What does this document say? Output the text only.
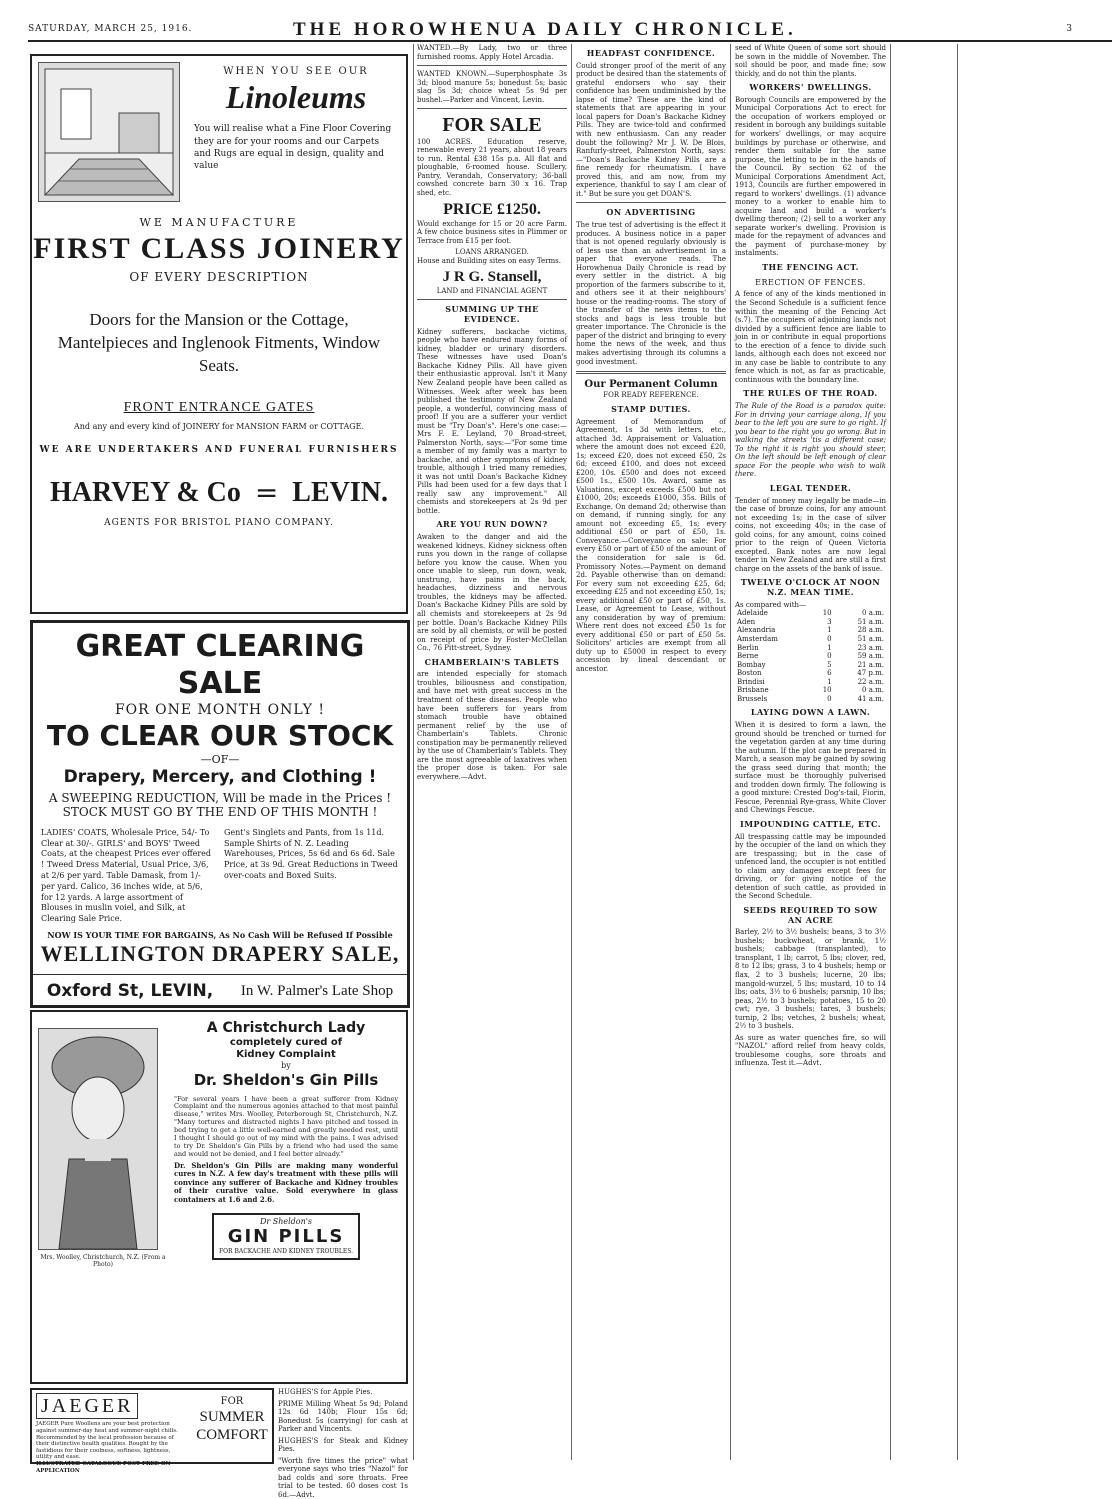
SATURDAY, MARCH 25, 1916.	THE HOROWHENUA DAILY CHRONICLE.	3
WHEN YOU SEE OUR
Linoleums
You will realise what a Fine Floor Covering they are for your rooms and our Carpets and Rugs are equal in design, quality and value
WE MANUFACTURE
FIRST CLASS JOINERY
OF EVERY DESCRIPTION
Doors for the Mansion or the Cottage, Mantelpieces and Inglenook Fitments, Window Seats.
FRONT ENTRANCE GATES
And any and every kind of JOINERY for MANSION FARM or COTTAGE.
WE ARE UNDERTAKERS AND FUNERAL FURNISHERS
HARVEY & Co = LEVIN.
AGENTS FOR BRISTOL PIANO COMPANY.
GREAT CLEARING SALE
FOR ONE MONTH ONLY !
TO CLEAR OUR STOCK
—OF—
Drapery, Mercery, and Clothing !
A SWEEPING REDUCTION, Will be made in the Prices !
STOCK MUST GO BY THE END OF THIS MONTH !
LADIES' COATS, Wholesale Price, 54/- To Clear at 30/-. GIRLS' and BOYS' Tweed Coats, at the cheapest Prices ever offered ! Tweed Dress Material, Usual Price, 3/6, at 2/6 per yard. Table Damask, from 1/- per yard. Calico, 36 inches wide, at 5/6, for 12 yards. A large assortment of Blouses in muslin voiel, and Silk, at Clearing Sale Price.
Gent's Singlets and Pants, from 1s 11d. Sample Shirts of N. Z. Leading Warehouses, Prices, 5s 6d and 6s 6d. Sale Price, at 3s 9d. Great Reductions in Tweed over-coats and Boxed Suits.
NOW IS YOUR TIME FOR BARGAINS, As No Cash Will be Refused If Possible
WELLINGTON DRAPERY SALE,
Oxford St, LEVIN, In W. Palmer's Late Shop
Mrs. Woolley, Christchurch, N.Z. (From a Photo)
A Christchurch Lady
completely cured of
Kidney Complaint
by
Dr. Sheldon's Gin Pills
"For several years I have been a great sufferer from Kidney Complaint and the numerous agonies attached to that most painful disease," writes Mrs. Woolley, Peterborough St, Christchurch, N.Z. "Many tortures and distracted nights I have pitched and tossed in bed trying to get a little well-earned and greatly needed rest, until I thought I should go out of my mind with the pains. I was advised to try Dr. Sheldon's Gin Pills by a friend who had used the same and would not be denied, and I feel better already."
Dr. Sheldon's Gin Pills are making many wonderful cures in N.Z. A few day's treatment with these pills will convince any sufferer of Backache and Kidney troubles of their curative value. Sold everywhere in glass containers at 1.6 and 2.6.
Dr Sheldon's
GIN PILLS
FOR BACKACHE AND KIDNEY TROUBLES.
JAEGER
JAEGER Pure Woollens are your best protection against summer-day heat and summer-night chills. Recommended by the local profession because of their distinctive health qualities. Bought by the fastidious for their coolness, softness, lightness, utility and ease.
ILLUSTRATED CATALOGUE POST FREE ON APPLICATION
FOR
SUMMER
COMFORT
WANTED.—By Lady, two or three furnished rooms. Apply Hotel Arcadia.
WANTED KNOWN.—Superphosphate 3s 3d; blood manure 5s; bonedust 5s; basic slag 5s 3d; choice wheat 5s 9d per bushel.—Parker and Vincent, Levin.
FOR SALE
100 ACRES. Education reserve, renewable every 21 years, about 18 years to run. Rental £38 15s p.a. All flat and ploughable, 6-roomed house. Scullery, Pantry, Verandah, Conservatory; 36-ball cowshed concrete barn 30 x 16. Trap shed, etc.
PRICE £1250.
Would exchange for 15 or 20 acre Farm. A few choice business sites in Plimmer or Terrace from £15 per foot.
LOANS ARRANGED.
House and Building sites on easy Terms.
J R G. Stansell,
LAND and FINANCIAL AGENT
SUMMING UP THE EVIDENCE.
Kidney sufferers, backache victims, people who have endured many forms of kidney, bladder or urinary disorders. These witnesses have used Doan's Backache Kidney Pills. All have given their enthusiastic approval. Isn't it Many New Zealand people have been called as Witnesses. Week after week has been published the testimony of New Zealand people, a wonderful, convincing mass of proof! If you are a sufferer your verdict must be "Try Doan's". Here's one case:—Mrs F. E. Leyland, 70 Broad-street, Palmerston North, says:—"For some time a member of my family was a martyr to backache, and other symptoms of kidney trouble, although I tried many remedies, it was not until Doan's Backache Kidney Pills had been used for a few days that I really saw any improvement." All chemists and storekeepers at 2s 9d per bottle.
ARE YOU RUN DOWN?
Awaken to the danger and aid the weakened kidneys. Kidney sickness often runs you down in the range of collapse before you know the cause. When you once unable to sleep, run down, weak, unstrung, have pains in the back, headaches, dizziness and nervous troubles, the kidneys may be affected. Doan's Backache Kidney Pills are sold by all chemists and storekeepers at 2s 9d per bottle. Doan's Backache Kidney Pills are sold by all chemists, or will be posted on receipt of price by Foster-McClellan Co., 76 Pitt-street, Sydney.
CHAMBERLAIN'S TABLETS
are intended especially for stomach troubles, biliousness and constipation, and have met with great success in the treatment of these diseases. People who have been sufferers for years from stomach trouble have obtained permanent relief by the use of Chamberlain's Tablets. Chronic constipation may be permanently relieved by the use of Chamberlain's Tablets. They are the most agreeable of laxatives when the proper dose is taken. For sale everywhere.—Advt.
HUGHES'S for Apple Pies.
PRIME Milling Wheat 5s 9d; Poland 12s 6d 140b; Flour 15s 6d; Bonedust 5s (carrying) for cash at Parker and Vincents.
HUGHES'S for Steak and Kidney Pies.
"Worth five times the price" what everyone says who tries "Nazol" for bad colds and sore throats. Free trial to be tested. 60 doses cost 1s 6d.—Advt.
HEADFAST CONFIDENCE.
Could stronger proof of the merit of any product be desired than the statements of grateful endorsers who say their confidence has been undiminished by the lapse of time? These are the kind of statements that are appearing in your local papers for Doan's Backache Kidney Pills. They are twice-told and confirmed with new enthusiasm. Can any reader doubt the following? Mr J. W. De Blois, Ranfurly-street, Palmerston North, says:—"Doan's Backache Kidney Pills are a fine remedy for rheumatism. I have proved this, and am now, from my experience, thankful to say I am clear of it." But be sure you get DOAN'S.
ON ADVERTISING
The true test of advertising is the effect it produces. A business notice in a paper that is not opened regularly obviously is of less use than an advertisement in a paper that everyone reads. The Horowhenua Daily Chronicle is read by every settler in the district. A big proportion of the farmers subscribe to it, and others see it at their neighbours' house or the reading-rooms. The story of the transfer of the news items to the stocks and bags is less trouble but greater importance. The Chronicle is the paper of the district and bringing to every home the news of the week, and thus makes advertising through its columns a good investment.
Our Permanent Column
FOR READY REFERENCE.
STAMP DUTIES.
Agreement of Memorandum of Agreement, 1s 3d with letters, etc., attached 3d. Appraisement or Valuation where the amount does not exceed £20, 1s; exceed £20, does not exceed £50, 2s 6d; exceed £100, and does not exceed £200, 10s. £500 and does not exceed £500 1s., £500 10s. Award, same as Valuations, except exceeds £500 but not £1000, 20s; exceeds £1000, 35s. Bills of Exchange. On demand 2d; otherwise than on demand, if running singly, for any amount not exceeding £5, 1s; every additional £50 or part of £50, 1s. Conveyance.—Conveyance on sale: For every £50 or part of £50 of the amount of the consideration for sale is 6d. Promissory Notes.—Payment on demand 2d. Payable otherwise than on demand: For every sum not exceeding £25, 6d; exceeding £25 and not exceeding £50, 1s; every additional £50 or part of £50, 1s. Lease, or Agreement to Lease, without any consideration by way of premium: Where rent does not exceed £50 1s for every additional £50 or part of £50 5s. Solicitors' articles are exempt from all duty up to £5000 in respect to every accession by lineal descendant or ancestor.
seed of White Queen of some sort should be sown in the middle of November. The soil should be poor, and made fine; sow thickly, and do not thin the plants.
WORKERS' DWELLINGS.
Borough Councils are empowered by the Municipal Corporations Act to erect for the occupation of workers employed or resident in borough any buildings suitable for workers' dwellings, or may acquire buildings by purchase or otherwise, and render them suitable for the same purpose, the letting to be in the hands of the Council. By section 62 of the Municipal Corporations Amendment Act, 1913, Councils are further empowered in regard to workers' dwellings. (1) advance money to a worker to enable him to acquire land and build a worker's dwelling thereon; (2) sell to a worker any separate worker's dwelling. Provision is made for the repayment of advances and the payment of purchase-money by instalments.
THE FENCING ACT.
ERECTION OF FENCES.
A fence of any of the kinds mentioned in the Second Schedule is a sufficient fence within the meaning of the Fencing Act (s.7). The occupiers of adjoining lands not divided by a sufficient fence are liable to join in or contribute in equal proportions to the erection of a fence to divide such lands, although each does not exceed nor in any case be liable to contribute to any fence which is not, as far as practicable, continuous with the boundary line.
THE RULES OF THE ROAD.
The Rule of the Road is a paradox quite: For in driving your carriage along, If you bear to the left you are sure to go right. If you bear to the right you go wrong. But in walking the streets 'tis a different case; To the right it is right you should steer, On the left should be left enough of clear space For the people who wish to walk there.
LEGAL TENDER.
Tender of money may legally be made—in the case of bronze coins, for any amount not exceeding 1s; in the case of silver coins, not exceeding 40s; in the case of gold coins, for any amount, coins coined prior to the reign of Queen Victoria excepted. Bank notes are now legal tender in New Zealand and are still a first charge on the assets of the bank of issue.
TWELVE O'CLOCK AT NOON N.Z. MEAN TIME.
As compared with—
Adelaide	10	0 a.m.
Aden	3	51 a.m.
Alexandria	1	28 a.m.
Amsterdam	0	51 a.m.
Berlin	1	23 a.m.
Berne	0	59 a.m.
Bombay	5	21 a.m.
Boston	6	47 p.m.
Brindisi	1	22 a.m.
Brisbane	10	0 a.m.
Brussels	0	41 a.m.
LAYING DOWN A LAWN.
When it is desired to form a lawn, the ground should be trenched or turned for the vegetation garden at any time during the autumn. If the plot can be prepared in March, a season may be gained by sowing the grass seed during that month; the surface must be thoroughly pulverised and trodden down firmly. The following is a good mixture: Crested Dog's-tail, Fiorin, Fescue, Perennial Rye-grass, White Clover and Chewings Fescue.
IMPOUNDING CATTLE, ETC.
All trespassing cattle may be impounded by the occupier of the land on which they are trespassing; but in the case of unfenced land, the occupier is not entitled to claim any damages except fees for driving, or for giving notice of the detention of such cattle, as provided in the Second Schedule.
SEEDS REQUIRED TO SOW AN ACRE
Barley, 2½ to 3½ bushels; beans, 3 to 3½ bushels; buckwheat, or brank, 1½ bushels; cabbage (transplanted), to transplant, 1 lb; carrot, 5 lbs; clover, red, 8 to 12 lbs; grass, 3 to 4 bushels; hemp or flax, 2 to 3 bushels; lucerne, 20 lbs; mangold-wurzel, 5 lbs; mustard, 10 to 14 lbs; oats, 3½ to 6 bushels; parsnip, 10 lbs; peas, 2½ to 3 bushels; potatoes, 15 to 20 cwt; rye, 3 bushels; tares, 3 bushels; turnip, 2 lbs; vetches, 2 bushels; wheat, 2½ to 3 bushels.
As sure as water quenches fire, so will "NAZOL" afford relief from heavy colds, troublesome coughs, sore throats and influenza. Test it.—Advt.
